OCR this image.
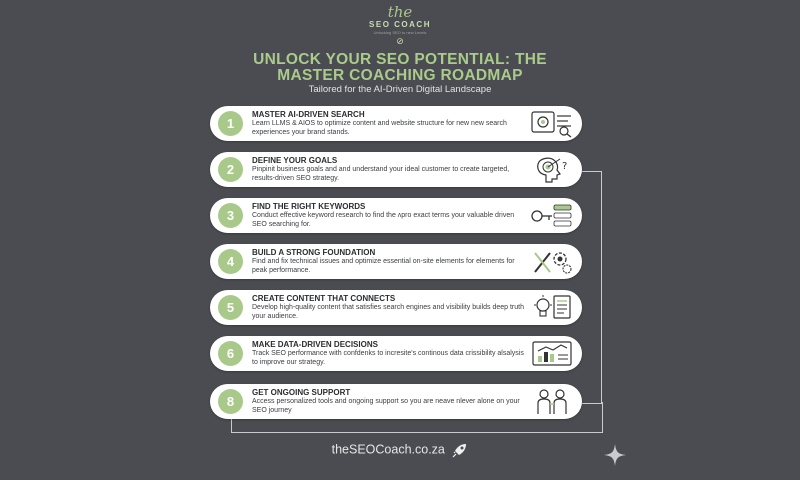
the
SEO COACH
Unlocking SEO to new Levels
⊘
UNLOCK YOUR SEO POTENTIAL: THE
MASTER COACHING ROADMAP
Tailored for the AI-Driven Digital Landscape
1
MASTER AI-DRIVEN SEARCH
Learn LLMS & AIOS to optimize content and website structure for new new search experiences your brand stands.
2
DEFINE YOUR GOALS
Pinpinit business goals and and understand your ideal customer to create targeted, results-driven SEO strategy.
?
3
FIND THE RIGHT KEYWORDS
Conduct effective keyword research to find the ʌpro exact terms your valuable driven SEO searching for.
4
BUILD A STRONG FOUNDATION
Find and fix technical issues and optimize essential on-site elements for elements for peak performance.
5
CREATE CONTENT THAT CONNECTS
Develop high-quality content that satisfies search engines and visibility builds deep truth your audience.
6
MAKE DATA-DRIVEN DECISIONS
Track SEO performance with confdenks to incresite's continous data crissibility alsalysis to improve our strategy.
8
GET ONGOING SUPPORT
Access personalized tools and ongoing support so you are neave nlever alone on your SEO journey
theSEOCoach.co.za
